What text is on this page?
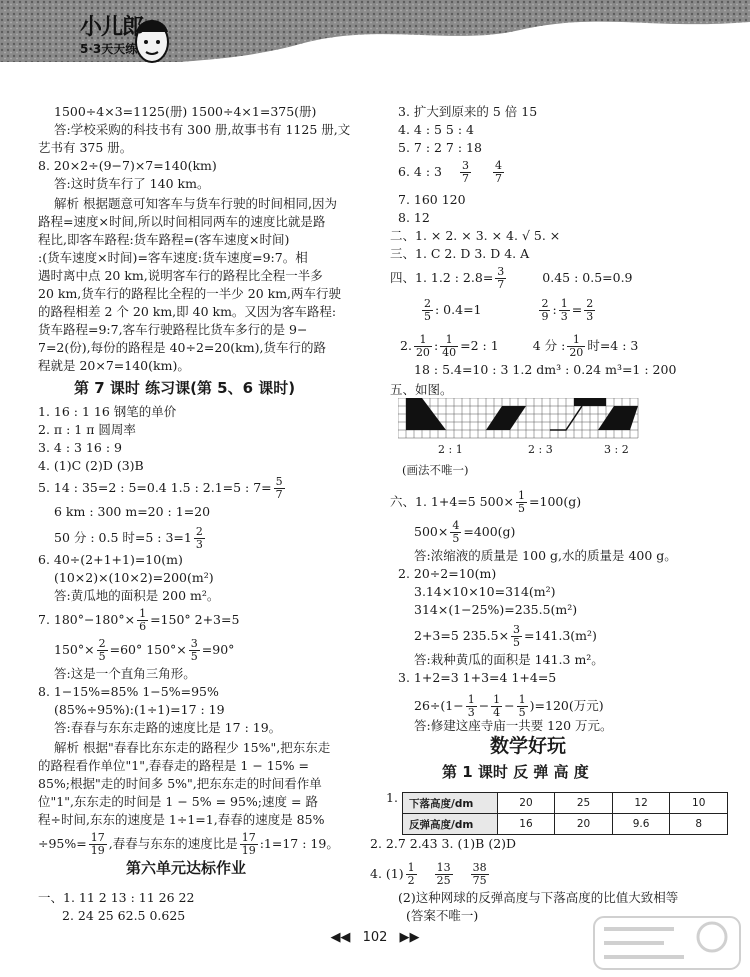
小儿郎
5·3天天练
1500÷4×3=1125(册) 1500÷4×1=375(册)
答:学校采购的科技书有 300 册,故事书有 1125 册,文
艺书有 375 册。
8. 20×2÷(9−7)×7=140(km)
答:这时货车行了 140 km。
解析 根据题意可知客车与货车行驶的时间相同,因为
路程=速度×时间,所以时间相同两车的速度比就是路
程比,即客车路程:货车路程=(客车速度×时间)
:(货车速度×时间)=客车速度:货车速度=9:7。相
遇时离中点 20 km,说明客车行的路程比全程一半多
20 km,货车行的路程比全程的一半少 20 km,两车行驶
的路程相差 2 个 20 km,即 40 km。又因为客车路程:
货车路程=9:7,客车行驶路程比货车多行的是 9−
7=2(份),每份的路程是 40÷2=20(km),货车行的路
程就是 20×7=140(km)。
第 7 课时 练习课(第 5、6 课时)
1. 16 : 1 16 钢笔的单价
2. π : 1 π 圆周率
3. 4 : 3 16 : 9
4. (1)C (2)D (3)B
5. 14 : 35=2 : 5=0.4 1.5 : 2.1=5 : $7= \frac{5}{7}$
6 km : 300 m=20 : 1=20
50 分 : 0.5 时=5 : $3=1 \frac{2}{3}$
6. 40÷(2+1+1)=10(m)
(10×2)×(10×2)=200(m²)
答:黄瓜地的面积是 200 m²。
7. $180^\circ-180^\circ\times \frac{1}{6} =150^\circ$ 2+3=5
$150^\circ\times \frac{2}{5} =60^\circ$ $150^\circ\times \frac{3}{5} =90^\circ$
答:这是一个直角三角形。
8. 1−15%=85% 1−5%=95%
(85%÷95%):(1÷1)=17 : 19
答:春春与东东走路的速度比是 17 : 19。
解析 根据"春春比东东走的路程少 15%",把东东走
的路程看作单位"1",春春走的路程是 1 − 15% =
85%;根据"走的时间多 5%",把东东走的时间看作单
位"1",东东走的时间是 1 − 5% = 95%;速度 = 路
程÷时间,东东的速度是 1÷1=1,春春的速度是 85%
$\div 95\%= \frac{17}{19}$ ,春春与东东的速度比是 $\frac{17}{19}$ :1=17 : 19。
第六单元达标作业
一、1. 11 2 13 : 11 26 22
2. 24 25 62.5 0.625
3. 扩大到原来的 5 倍 15
4. 4 : 5 5 : 4
5. 7 : 2 7 : 18
6. 4 : $3 \frac{3}{7}$
$\frac{4}{7}$
7. 160 120
8. 12
二、1. × 2. × 3. × 4. √ 5. ×
三、1. C 2. D 3. D 4. A
四、1. 1.2 : $2.8= \frac{3}{7}$	0.45 : 0.5=0.9
$\frac{2}{5}$ : 0.4=1	$\frac{2}{9}$ : $\frac{1}{3} = \frac{2}{3}$
2. $\frac{1}{20}$ : $\frac{1}{40} =2$ : 1	4 分 : $\frac{1}{20}$ 时=4 : 3
18 : 5.4=10 : 3 1.2 dm³ : 0.24 m³=1 : 200
五、如图。
2 : 1	2 : 3	3 : 2
(画法不唯一)
六、1. 1+4=5 $500\times \frac{1}{5} =100(g)$
$500\times \frac{4}{5} =400(g)$
答:浓缩液的质量是 100 g,水的质量是 400 g。
2. 20÷2=10(m)
3.14×10×10=314(m²)
314×(1−25%)=235.5(m²)
2+3=5 $235.5\times \frac{3}{5} =141.3(m^2)$
答:栽种黄瓜的面积是 141.3 m²。
3. 1+2=3 1+3=4 1+4=5
$26\div(1- \frac{1}{3} - \frac{1}{4} - \frac{1}{5} )=120$(万元)
答:修建这座寺庙一共要 120 万元。
数学好玩
第 1 课时 反 弹 高 度
1. 下落高度/dm	20	25	12	10
反弹高度/dm	16	20	9.6	8
2. 2.7 2.43 3. (1)B (2)D
4. $(1) \frac{1}{2}$
$\frac{13}{25}$
$\frac{38}{75}$
(2)这种网球的反弹高度与下落高度的比值大致相等
(答案不唯一)
◀◀ 102 ▶▶
